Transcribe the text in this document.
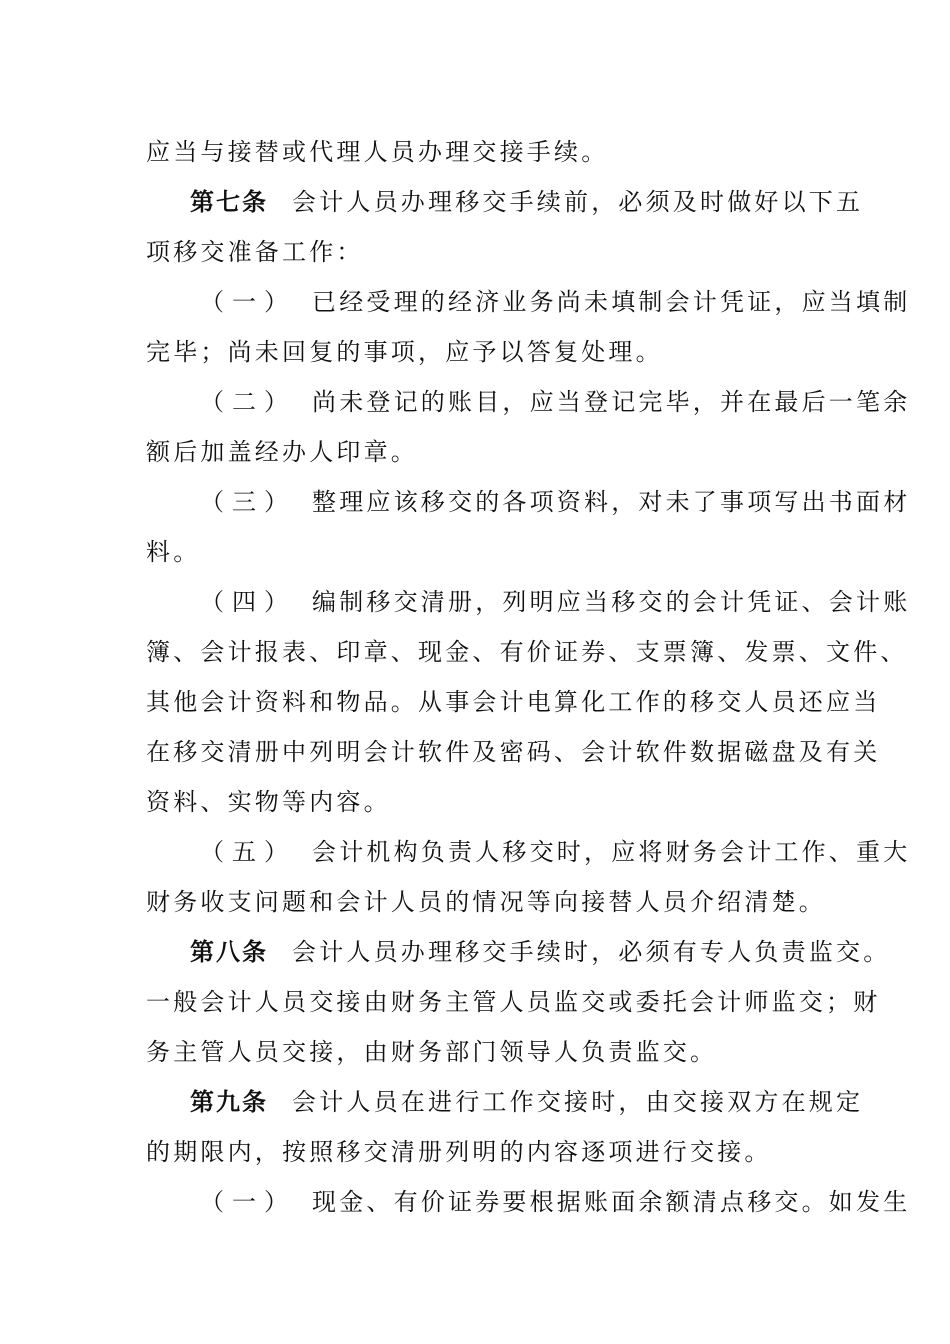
应当与接替或代理人员办理交接手续。
第七条 会计人员办理移交手续前，必须及时做好以下五
项移交准备工作：
（一） 已经受理的经济业务尚未填制会计凭证，应当填制
完毕；尚未回复的事项，应予以答复处理。
（二） 尚未登记的账目，应当登记完毕，并在最后一笔余
额后加盖经办人印章。
（三） 整理应该移交的各项资料，对未了事项写出书面材
料。
（四） 编制移交清册，列明应当移交的会计凭证、会计账
簿、会计报表、印章、现金、有价证券、支票簿、发票、文件、
其他会计资料和物品。从事会计电算化工作的移交人员还应当
在移交清册中列明会计软件及密码、会计软件数据磁盘及有关
资料、实物等内容。
（五） 会计机构负责人移交时，应将财务会计工作、重大
财务收支问题和会计人员的情况等向接替人员介绍清楚。
第八条 会计人员办理移交手续时，必须有专人负责监交。
一般会计人员交接由财务主管人员监交或委托会计师监交；财
务主管人员交接，由财务部门领导人负责监交。
第九条 会计人员在进行工作交接时，由交接双方在规定
的期限内，按照移交清册列明的内容逐项进行交接。
（一） 现金、有价证券要根据账面余额清点移交。如发生
